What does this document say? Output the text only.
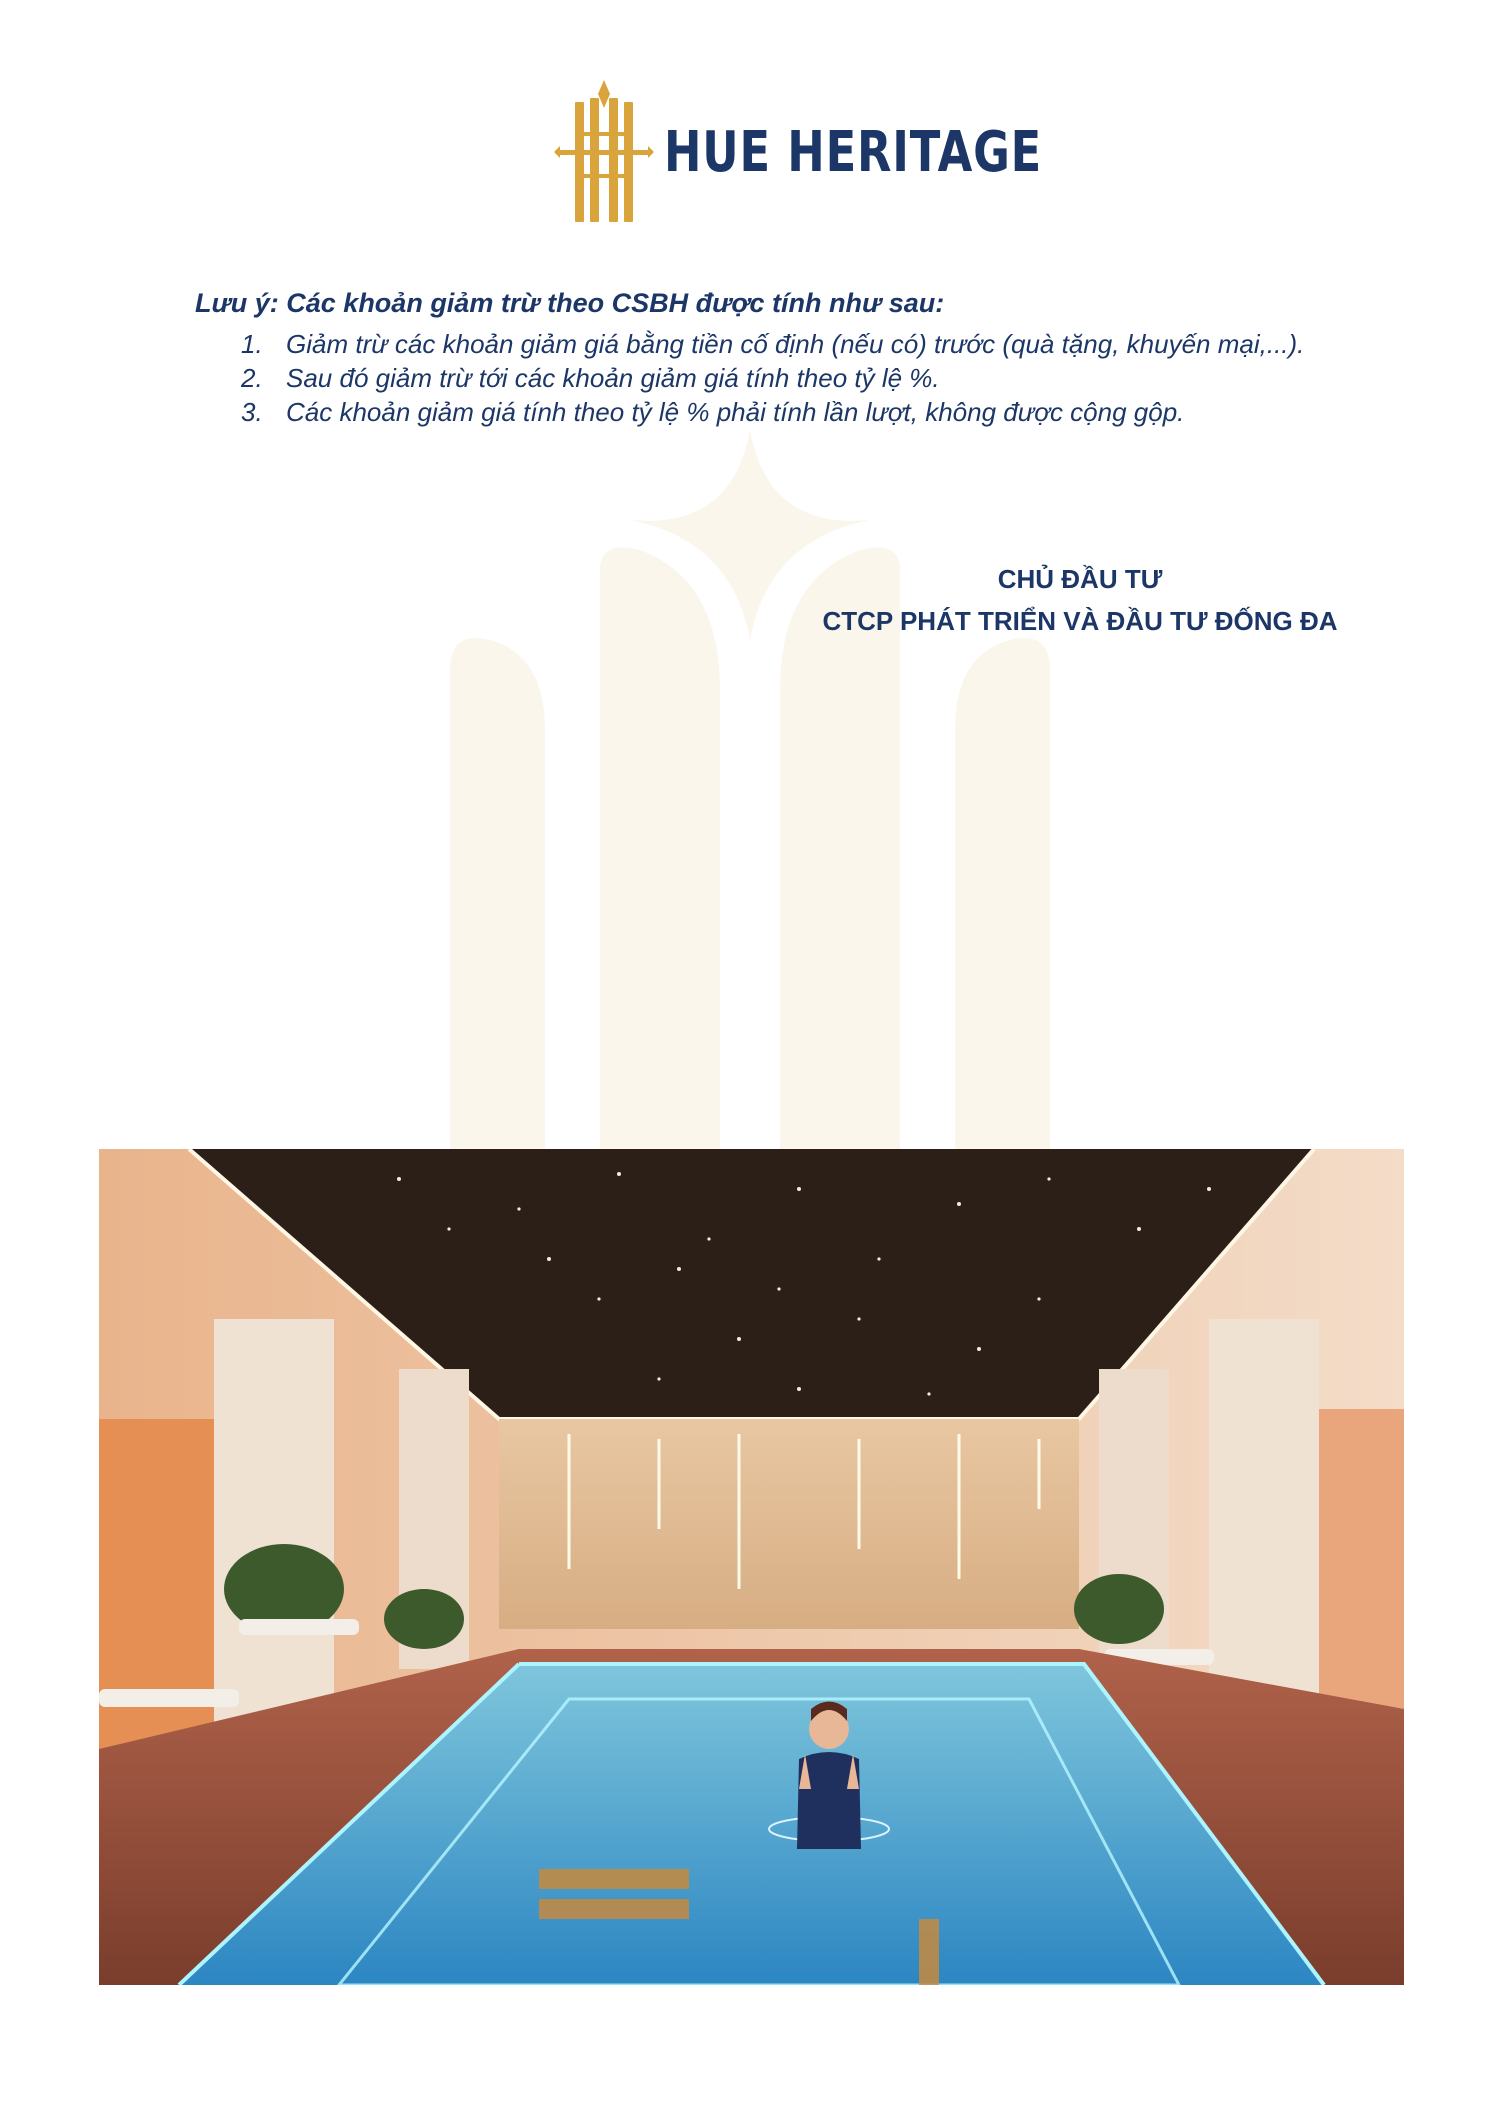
HUE HERITAGE
Lưu ý: Các khoản giảm trừ theo CSBH được tính như sau:
1. Giảm trừ các khoản giảm giá bằng tiền cố định (nếu có) trước (quà tặng, khuyến mại,...).
2. Sau đó giảm trừ tới các khoản giảm giá tính theo tỷ lệ %.
3. Các khoản giảm giá tính theo tỷ lệ % phải tính lần lượt, không được cộng gộp.
CHỦ ĐẦU TƯ
CTCP PHÁT TRIỂN VÀ ĐẦU TƯ ĐỐNG ĐA
